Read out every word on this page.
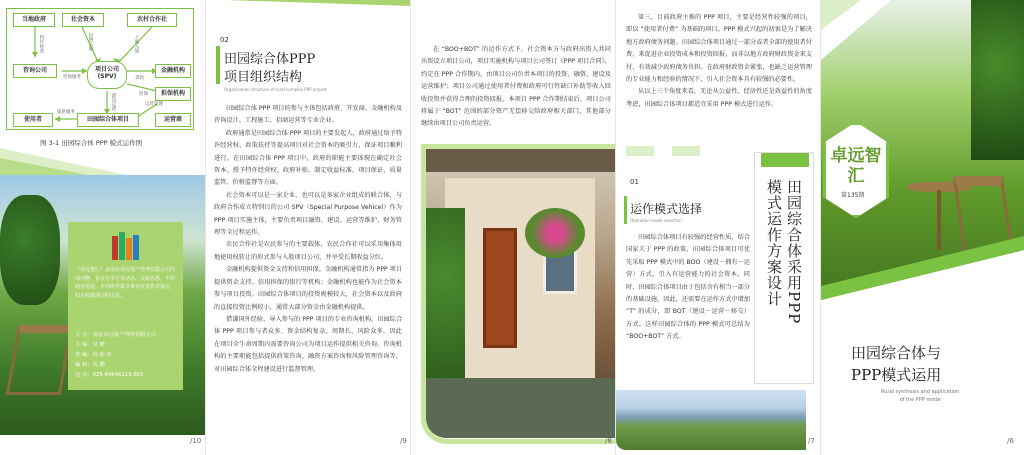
当地政府	社会资本	农村合作社
咨询公司	项目公司
(SPV)
金融机构
担保机构
使用者	田园综合体项目	运营商
特许经营	投资入股	土地入股
咨询服务	贷款
担保
提供服务
建设运营	运营管理
图 3-1 田园综合体 PPP 模式运作图
《卓远智汇》是南京卓远资产管理有限公司内部刊物，旨在分享行业动态、交流思想，不作商业用途。本刊所登载文章仅代表作者观点，如有转载请注明出处。
主 办：南京卓远资产管理有限公司
主 编：吴 健
责 编：杨 昭 萍
编 辑：仇 鹏
电 话：025-84846219-805
/10
02
田园综合体PPP
项目组织结构
Organization structure of rural complex PPP project

田园综合体 PPP 项目的参与主体包括政府、开发商、金融机构及咨询设计、工程施工、招商运营等专业企业。

政府通常是田园综合体 PPP 项目的主要发起人，政府通过给予特许经营权、政策扶持等提高项目对社会资本的吸引力，保证项目顺利进行。在田园综合体 PPP 项目中，政府的职能主要体现在确定社会资本、授予特许经营权、政府补贴、制定收益标准、项目保证、质量监管、价格监督等方面。

社会资本可以是一家企业，也可以是多家企业组成的联合体，与政府合作成立特别目的公司 SPV（Special Purpose Vehicel）作为 PPP 项目实施主体，主要负责项目融资，建设、运营等维护、财务管理等全过程运作。

农民合作社是农民参与的主要载体，农民合作社可以采用集体用地使用权转让的形式参与入股项目公司，并享受长期收益分红。

金融机构提供资金支持和信用担保。金融机构通常指为 PPP 项目提供资金支持、信用担保的银行等机构；金融机构也能作为社会资本参与项目投资。田园综合体项目的投资规模较大，社会资本以及政府的直接投资比例较小，通常大部分资金由金融机构提供。

借谦国外经验，导入参与的 PPP 项目的专业咨询机构，田园综合体 PPP 项目参与者众多、资金结构复杂、周期长、风险众多，因此在项目全生命周期内需要咨询公司为项目运作提供相关咨询。咨询机构的主要职能包括提供政策咨询、融资方案咨询和风险管理咨询等，对田园综合体全程建设进行监督管理。

/9

在 “BOO+BOT” 的运作方式下，社会资本方与政府出资人共同出资设立项目公司，项目实施机构与项目公司签订《PPP 项目合同》，约定在 PPP 合作期内，由项目公司负责本项目的投资、融资、建设及运营维护；项目公司通过使用者付费和政府可行性缺口补助等收入回收投资并获得合理的投资回报。本项目 PPP 合作期结束后，项目公司将属于 “BOT” 范围的部分资产无偿移交给政府相关部门，其他部分继续由项目公司负责运营。

/8

第三，目前政府主推的 PPP 项目，主要是经营性较强的项目，即以 “使用者付费” 为基础的项目。PPP 模式兴起的初衷是为了解决地方政府债务问题。田园综合体项目通过一部分或者全部的使用者付费，来促进企业投资成本和投资回报，而非以地方政府财政资金来支付，有效减少政府债务负担。在政府财政资金紧张，也缺乏运营管理的专业能力和经验的情况下，引入社会资本具有较强的必要性。

从以上三个角度来看，无论从公益性、经济性还是效益性的角度考虑，田园综合体项目都适宜采用 PPP 模式进行运作。

01
运作模式选择
Operation mode selection

田园综合体项目有较强的经营性质，结合国家关于 PPP 的政策，田园综合体项目可优先采取 PPP 模式中的 BOO（建设－拥有－运营）方式，引入有运营能力的社会资本，同时，田园综合体项目由于包括含有相当一部分的基础设施，因此，还需要在运作方式中增加 “T” 的成分，即 BOT（建设－运营－移交）方式。这样田园综合体的 PPP 模式可总结为 “BOO+BOT” 方式。

田园综合体采用PPP
模式运作方案设计
/7
卓远智汇
第135期
田园综合体与
PPP模式运用
Rural synthesis and application
of the PPP mode
/6
